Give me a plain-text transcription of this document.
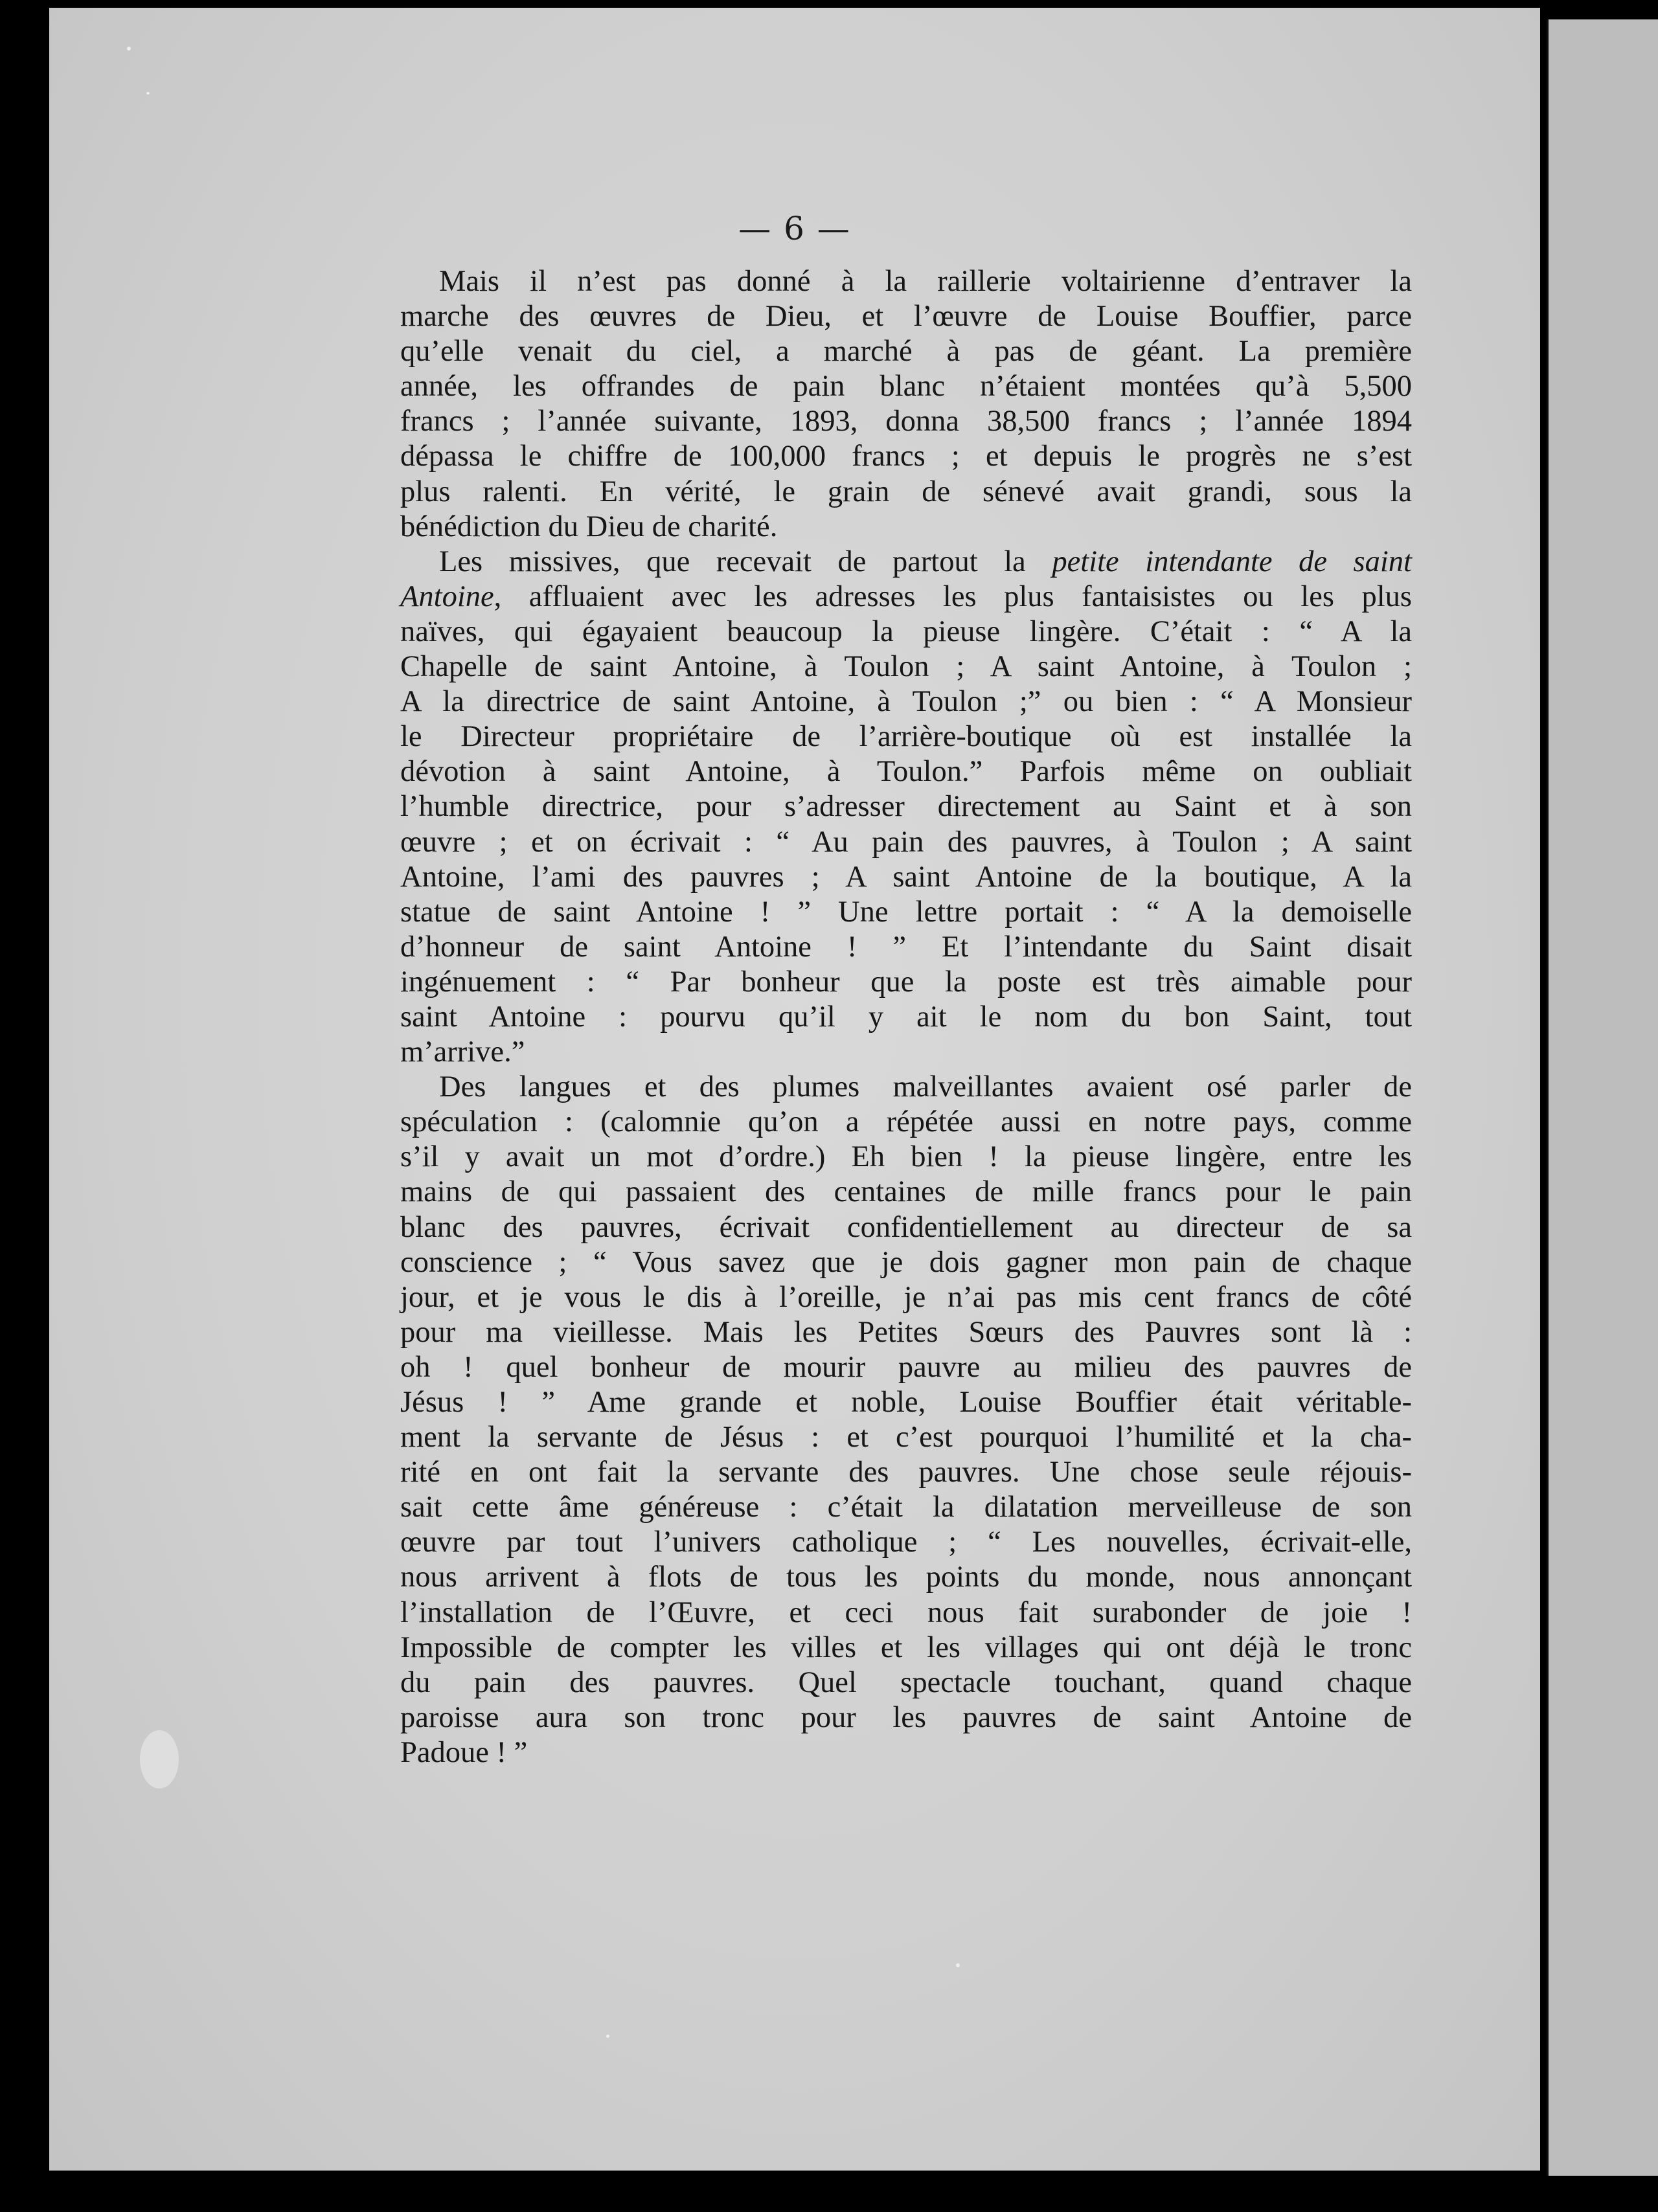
— 6 —
Mais il n’est pas donné à la raillerie voltairienne d’entraver la
marche des œuvres de Dieu, et l’œuvre de Louise Bouffier, parce
qu’elle venait du ciel, a marché à pas de géant. La première
année, les offrandes de pain blanc n’étaient montées qu’à 5,500
francs ; l’année suivante, 1893, donna 38,500 francs ; l’année 1894
dépassa le chiffre de 100,000 francs ; et depuis le progrès ne s’est
plus ralenti. En vérité, le grain de sénevé avait grandi, sous la
bénédiction du Dieu de charité.
Les missives, que recevait de partout la petite intendante de saint
Antoine, affluaient avec les adresses les plus fantaisistes ou les plus
naïves, qui égayaient beaucoup la pieuse lingère. C’était : “ A la
Chapelle de saint Antoine, à Toulon ; A saint Antoine, à Toulon ;
A la directrice de saint Antoine, à Toulon ;” ou bien : “ A Monsieur
le Directeur propriétaire de l’arrière-boutique où est installée la
dévotion à saint Antoine, à Toulon.” Parfois même on oubliait
l’humble directrice, pour s’adresser directement au Saint et à son
œuvre ; et on écrivait : “ Au pain des pauvres, à Toulon ; A saint
Antoine, l’ami des pauvres ; A saint Antoine de la boutique, A la
statue de saint Antoine ! ” Une lettre portait : “ A la demoiselle
d’honneur de saint Antoine ! ” Et l’intendante du Saint disait
ingénuement : “ Par bonheur que la poste est très aimable pour
saint Antoine : pourvu qu’il y ait le nom du bon Saint, tout
m’arrive.”
Des langues et des plumes malveillantes avaient osé parler de
spéculation : (calomnie qu’on a répétée aussi en notre pays, comme
s’il y avait un mot d’ordre.) Eh bien ! la pieuse lingère, entre les
mains de qui passaient des centaines de mille francs pour le pain
blanc des pauvres, écrivait confidentiellement au directeur de sa
conscience ; “ Vous savez que je dois gagner mon pain de chaque
jour, et je vous le dis à l’oreille, je n’ai pas mis cent francs de côté
pour ma vieillesse. Mais les Petites Sœurs des Pauvres sont là :
oh ! quel bonheur de mourir pauvre au milieu des pauvres de
Jésus ! ” Ame grande et noble, Louise Bouffier était véritable-
ment la servante de Jésus : et c’est pourquoi l’humilité et la cha-
rité en ont fait la servante des pauvres. Une chose seule réjouis-
sait cette âme généreuse : c’était la dilatation merveilleuse de son
œuvre par tout l’univers catholique ; “ Les nouvelles, écrivait-elle,
nous arrivent à flots de tous les points du monde, nous annonçant
l’installation de l’Œuvre, et ceci nous fait surabonder de joie !
Impossible de compter les villes et les villages qui ont déjà le tronc
du pain des pauvres. Quel spectacle touchant, quand chaque
paroisse aura son tronc pour les pauvres de saint Antoine de
Padoue ! ”
